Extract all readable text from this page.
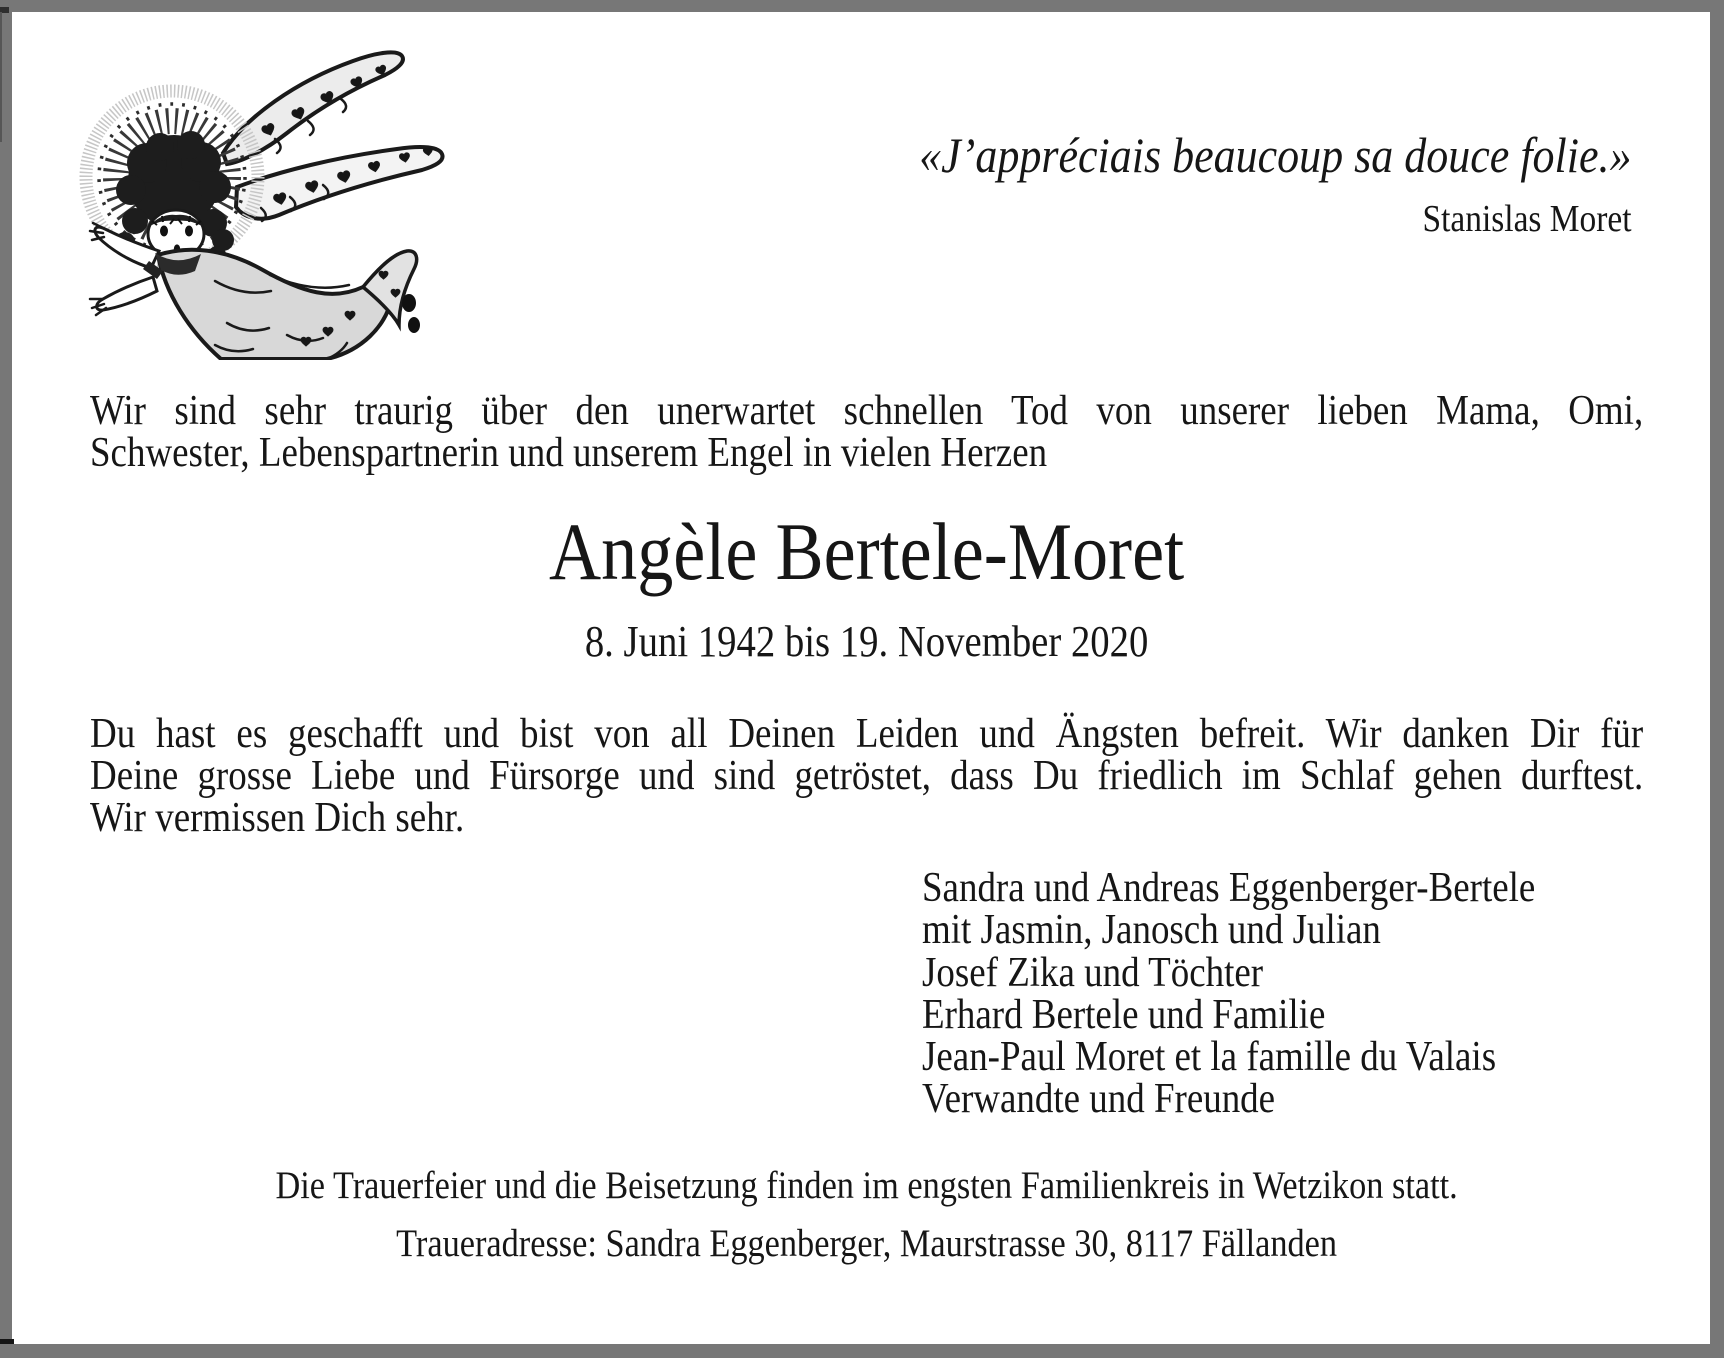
«J’appréciais beaucoup sa douce folie.»
Stanislas Moret
Wir sind sehr traurig über den unerwartet schnellen Tod von unserer lieben Mama, Omi,
Schwester, Lebenspartnerin und unserem Engel in vielen Herzen
Angèle Bertele-Moret
8. Juni 1942 bis 19. November 2020
Du hast es geschafft und bist von all Deinen Leiden und Ängsten befreit. Wir danken Dir für
Deine grosse Liebe und Fürsorge und sind getröstet, dass Du friedlich im Schlaf gehen durftest.
Wir vermissen Dich sehr.
Sandra und Andreas Eggenberger-Bertele
mit Jasmin, Janosch und Julian
Josef Zika und Töchter
Erhard Bertele und Familie
Jean-Paul Moret et la famille du Valais
Verwandte und Freunde
Die Trauerfeier und die Beisetzung finden im engsten Familienkreis in Wetzikon statt.
Traueradresse: Sandra Eggenberger, Maurstrasse 30, 8117 Fällanden
